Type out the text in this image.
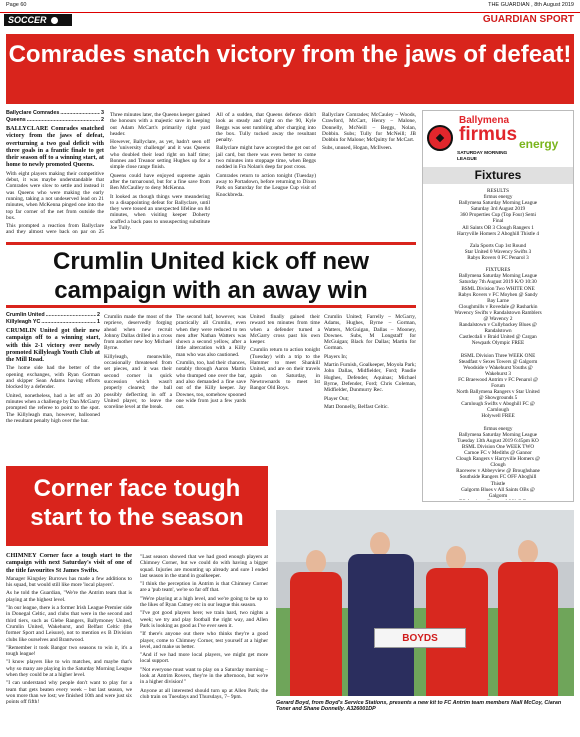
Page 60	THE GUARDIAN , 8th August 2019
SOCCER	GUARDIAN SPORT
Comrades snatch victory from the jaws of defeat!
Ballyclare Comrades .....	3
Queens .....	2

BALLYCLARE Comrades snatched victory from the jaws of defeat, overturning a two goal deficit with three goals in a frantic finale to get their season off to a winning start, at home to newly promoted Queens.

With eight players making their competitive debut, it was maybe understandable that Comrades were slow to settle and instead it was Queens who were making the early running, taking a not undeserved lead on 21 minutes, when McKenna pinged one into the top far corner of the net from outside the box.

This prompted a reaction from Ballyclare and they almost were back on par on 25

Three minutes later, the Queens keeper gained the honours with a majestic save in keeping out Adam McCart's primarily right yard header.

However, Ballyclare, as yet, hadn't seen off the 'university challenge' and it was Queens who doubled their lead right on half time; Bonnes and Treanor setting Hughes up for a simple close range finish.

Queens could have enjoyed supreme again after the turnaround, but for a fine save from Ben McCaulley to deny McKenna.

It looked as though things were meandering to a disappointing defeat for Ballyclare, until they were tossed an unexpected lifeline on 84 minutes, when visiting keeper Doherty scuffed a back pass to unsuspecting substitute Joe Tully.

All of a sudden, that Queens defence didn't look as steady and right on the 90, Kyle Beggs was sent tumbling after charging into the box. Tully tucked away the resultant penalty.

Ballyclare might have accepted the get out of jail card, but there was even better to come two minutes into stoppage time, when Beggs nodded in Fra Nolan's deep far post cross.

Comrades return to action tonight (Tuesday) away to Portadown, before returning to Dixon Park on Saturday for the League Cup visit of Knockbreda.

Ballyclare Comrades; McCauley – Woods, Crawford, McCart, Henry – Malone, Donnelly, McNeill – Beggs, Nolan, Dobbin. Subs; Tully for McNeill; JB Dobbin for Malone; McQuitty for McCart.

Subs, unused, Hogan, McIlveen.

Ballymena
firmus energy
SATURDAY MORNING LEAGUE
Fixtures
RESULTS
firmus energy
Ballymena Saturday Morning League
Saturday 3rd August 2019
360 Properties Cup (Top Four) Semi
Final
All Saints OB 3 Clough Rangers 1
Harryville Homers 2 Aboghill Thistle 4
Zala Sports Cup 1st Round
Star United 0 Wavency Swifts 3
Rabys Rovers 0 FC Penarol 3
FIXTURES
Ballymena Saturday Morning League
Saturday 7th August 2019 K/O 10:30
BSML Division Two WHITE ONE
Rabys Rovers v FC Moyhen @ Sandy
Bay Larne
Cloughmills v Rovedale @ Rasharkin
Wavency Swifts v Randalstown Ramblers
@ Wavency 2
Randalstown v Cullybackey Blues @
Randalstown
Castlecdali v Braid United @ Cargan
Newpark Olympic FREE
BSML Division Three WEEK ONE
Steadfast v Sexes Towers @ Galgorm
Woodside v Wakehurst Youths @
Wakehurst 3
FC Braewood Antrim v FC Penarol @
Forum
North Ballymena Rangers v Star United
@ Showgrounds 5
Carnlough Swifts v Aboghill FC @
Carnlough
Holywell FREE
firmus energy
Ballymena Saturday Morning League
Tuesday 13th August 2019 6:45pm KO
BSML Division One WEEK TWO
Carnoe FC v Mediths @ Gannor
Clough Rangers v Harryville Homers @
Clough
Racewew v Abbeyview @ Broughshane
Southside Rangers FC OFF Aboghill
Thistle
Galgorm Blues v All Saints OBs @
Galgorm
Crumlin United kick off new campaign with an away win
Crumlin United .....	2
Killyleagh YC .....	1

CRUMLIN United got their new campaign off to a winning start, with this 2-1 victory over newly promoted Killyleagh Youth Club at the Mill Road.

The home side had the better of the opening exchanges, with Ryan Gorman and skipper Sean Adams having efforts blocked by a defender.

United, nonetheless, had a let off on 20 minutes when a challenge by Dan McGarry prompted the referee to point to the spot. The Killyleagh man, however, ballooned the resultant penalty high over the bar.

Crumlin made the most of the reprieve, deservedly forging ahead when new recruit Johnny Dallas drilled in a cross from another new boy Michael Byrne.

Killyleagh, meanwhile, occasionally threatened from set pieces, and it was their second corner in quick succession which wasn't properly cleared; the ball possibly deflecting in off a United player, to leave the scoreline level at the break.

The second half, however, was practically all Crumlin, even when they were reduced to ten men after Nathan Watters was shown a second yellow, after a little altercation with a Killy man who was also cautioned.

Crumlin, too, had their chances, notably through Aaron Martin who thumped one over the bar, and also demanded a fine save out of the Killy keeper. Jay Downes, too, somehow spooned one wide from just a few yards out.

United finally gained their reward ten minutes from time when a defender turned a McGarry cross past his own keeper.

Crumlin return to action tonight (Tuesday) with a trip to the Hammer to meet Shankill United, and are on their travels again on Saturday, in Newtownards to meet 1st Bangor Old Boys.

Crumlin United; Farrelly – McGarry, Adams, Hughes, Byrne – Gorman, Watters, McGuigan, Dallas – Mooney, Downes. Subs, M Longstaff for McGuigan; Black for Dallas; Martin for Gorman.

Players In;

Martin Furnish, Goalkeeper, Moyola Park; John Dallas, Midfielder, Ford; Paudie Hughes, Defender, Aquinas; Michael Byrne, Defender, Ford; Chris Coleman, Midfielder, Dunmurry Rec.

Player Out;

Matt Donnelly, Belfast Celtic.

Corner face tough start to the season

CHIMNEY Corner face a tough start to the campaign with next Saturday's visit of one of the title favourites St James Swifts.

Manager Kingsley Burrows has made a few additions to his squad, but would still like more 'local players'.

As he told the Guardian, "We're the Antrim team that is playing at the highest level.

"In our league, there is a former Irish League Premier side in Donegal Celtic, and clubs that were in the second and third tiers, such as Glebe Rangers, Ballymoney United, Crumlin United, Wakehurst, and Belfast Celtic (the former Sport and Leisure), not to mention ex B Division clubs like ourselves and Brantwood.

"Remember it took Bangor two seasons to win it, it's a tough league!

"I know players like to win matches, and maybe that's why so many are playing in the Saturday Morning League when they could be at a higher level.

"I can understand why people don't want to play for a team that gets beaten every week – but last season, we won more than we lost; we finished 10th and were just six points off fifth!

"Last season showed that we had good enough players at Chimney Corner, but we could do with having a bigger squad. Injuries are mounting up already and sure I ended last season in the stand in goalkeeper.

"I think the perception in Antrim is that Chimney Corner are a 'pub team', we're so far off that.

"We're playing at a high level, and we're going to be up to the likes of Ryan Catney etc in our league this season.

"I've got good players here; we train hard, two nights a week; we try and play football the right way, and Allen Park is looking as good as I've ever seen it.

"If there's anyone out there who thinks they're a good player, come to Chimney Corner, test yourself at a higher level, and make us better.

"And if we had more local players, we might get more local support.

"Not everyone must want to play on a Saturday morning – look at Antrim Rovers, they're in the afternoon, but we're in a higher division!"

Anyone at all interested should turn up at Allen Park; the club train on Tuesdays and Thursdays, 7– 9pm.

BOYDS
Gerard Boyd, from Boyd's Service Stations, presents a new kit to FC Antrim team members Niall McCoy, Ciaran Toner and Shane Donnelly. A326001DP
